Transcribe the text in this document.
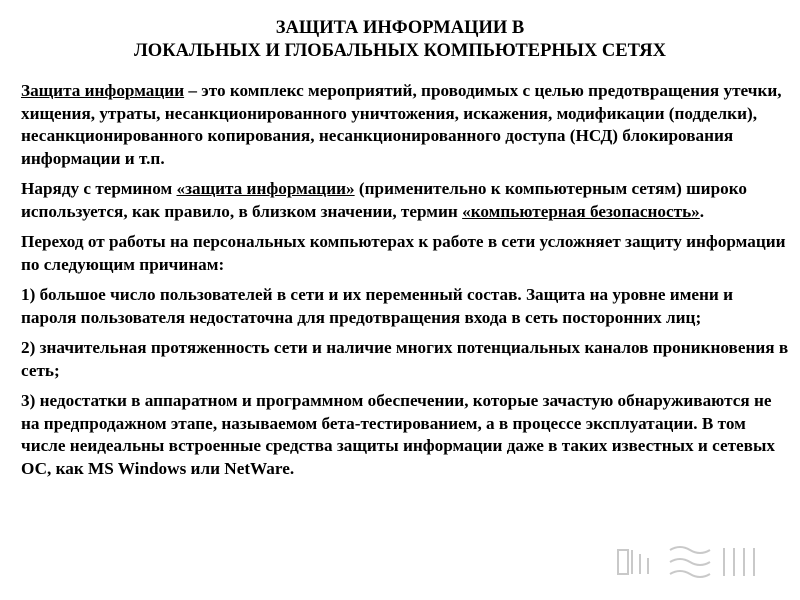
ЗАЩИТА ИНФОРМАЦИИ В
ЛОКАЛЬНЫХ И ГЛОБАЛЬНЫХ КОМПЬЮТЕРНЫХ СЕТЯХ

Защита информации – это комплекс мероприятий, проводимых с целью предотвращения утечки, хищения, утраты, несанкционированного уничтожения, искажения, модификации (подделки), несанкционированного копирования, несанкционированного доступа (НСД) блокирования информации и т.п.

Наряду с термином «защита информации» (применительно к компьютерным сетям) широко используется, как правило, в близком значении, термин «компьютерная безопасность».

Переход от работы на персональных компьютерах к работе в сети усложняет защиту информации по следующим причинам:

1) большое число пользователей в сети и их переменный состав. Защита на уровне имени и пароля пользователя недостаточна для предотвращения входа в сеть посторонних лиц;

2) значительная протяженность сети и наличие многих потенциальных каналов проникновения в сеть;

3) недостатки в аппаратном и программном обеспечении, которые зачастую обнаруживаются не на предпродажном этапе, называемом бета-тестированием, а в процессе эксплуатации. В том числе неидеальны встроенные средства защиты информации даже в таких известных и сетевых ОС, как MS Windows или NetWare.
